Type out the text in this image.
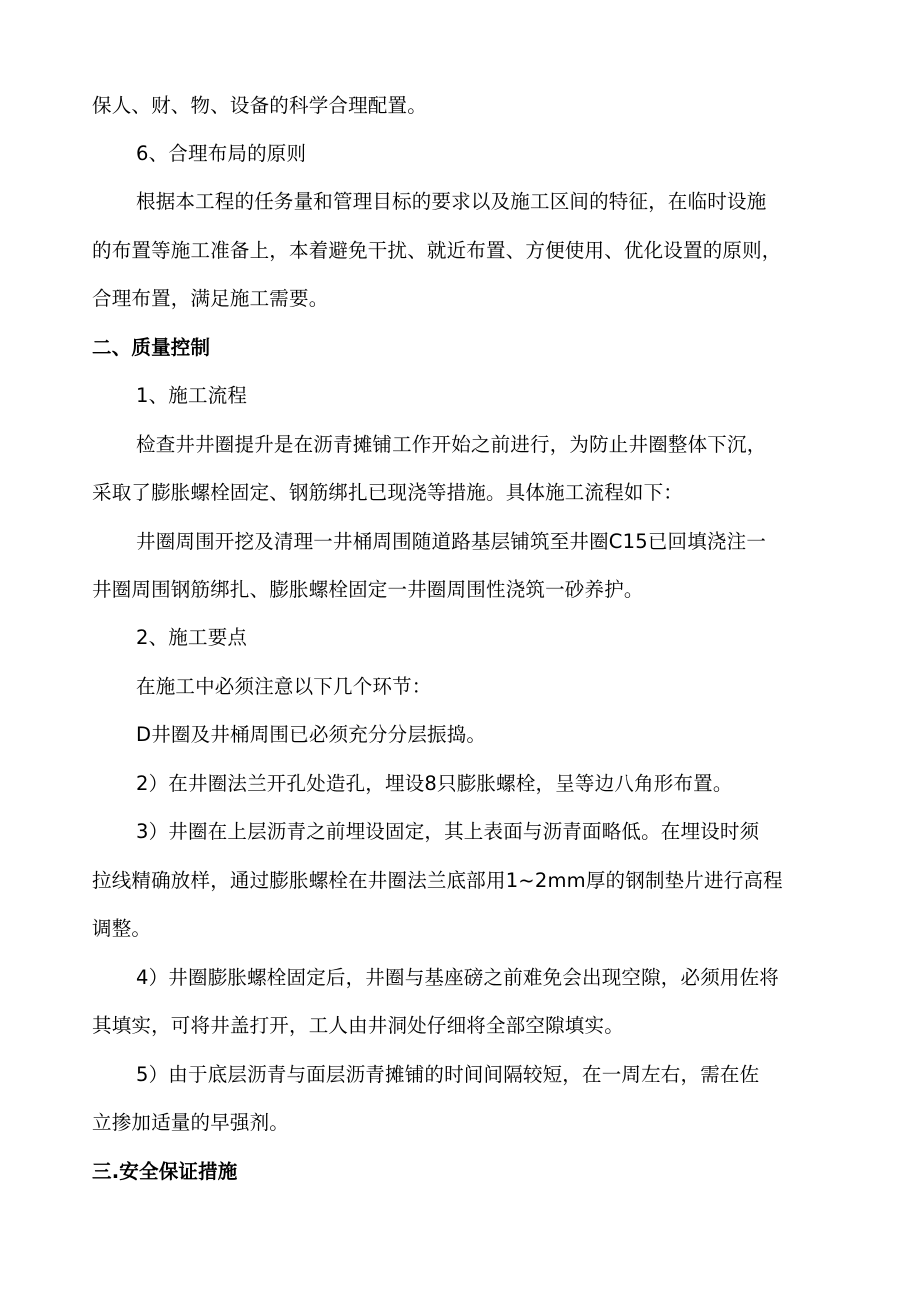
保人、财、物、设备的科学合理配置。
6、合理布局的原则
根据本工程的任务量和管理目标的要求以及施工区间的特征，在临时设施
的布置等施工准备上，本着避免干扰、就近布置、方便使用、优化设置的原则，
合理布置，满足施工需要。
二、质量控制
1、施工流程
检查井井圈提升是在沥青摊铺工作开始之前进行，为防止井圈整体下沉，
采取了膨胀螺栓固定、钢筋绑扎已现浇等措施。具体施工流程如下：
井圈周围开挖及清理一井桶周围随道路基层铺筑至井圈C15已回填浇注一
井圈周围钢筋绑扎、膨胀螺栓固定一井圈周围性浇筑一砂养护。
2、施工要点
在施工中必须注意以下几个环节：
D井圈及井桶周围已必须充分分层振捣。
2）在井圈法兰开孔处造孔，埋设8只膨胀螺栓，呈等边八角形布置。
3）井圈在上层沥青之前埋设固定，其上表面与沥青面略低。在埋设时须
拉线精确放样，通过膨胀螺栓在井圈法兰底部用1~2mm厚的钢制垫片进行高程
调整。
4）井圈膨胀螺栓固定后，井圈与基座磅之前难免会出现空隙，必须用佐将
其填实，可将井盖打开，工人由井洞处仔细将全部空隙填实。
5）由于底层沥青与面层沥青摊铺的时间间隔较短，在一周左右，需在佐
立掺加适量的早强剂。
三.安全保证措施
